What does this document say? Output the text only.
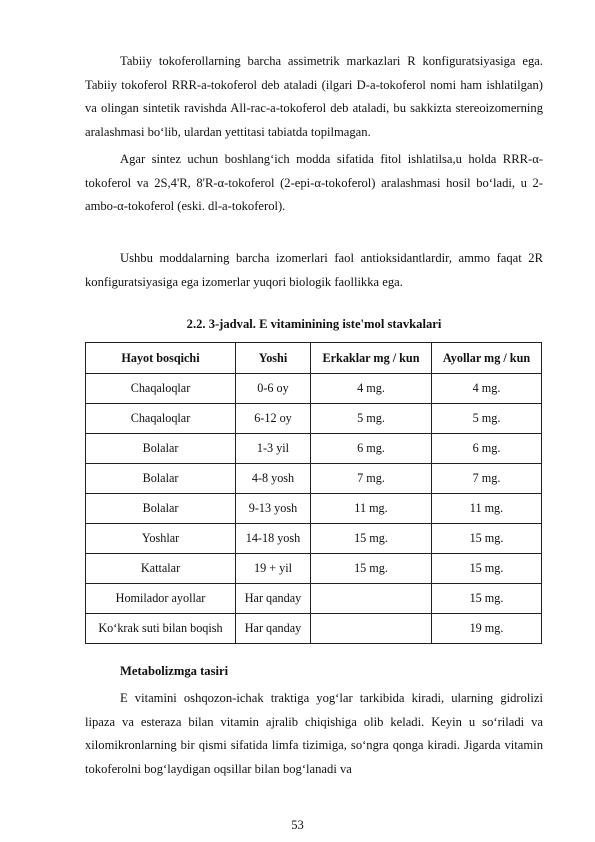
Tabiiy tokoferollarning barcha assimetrik markazlari R konfiguratsiyasiga ega. Tabiiy tokoferol RRR-a-tokoferol deb ataladi (ilgari D-a-tokoferol nomi ham ishlatilgan) va olingan sintetik ravishda All-rac-a-tokoferol deb ataladi, bu sakkizta stereoizomerning aralashmasi bo‘lib, ulardan yettitasi tabiatda topilmagan.

Agar sintez uchun boshlang‘ich modda sifatida fitol ishlatilsa,u holda RRR-α-tokoferol va 2S,4'R, 8'R-α-tokoferol (2-epi-α-tokoferol) aralashmasi hosil bo‘ladi, u 2-ambo-α-tokoferol (eski. dl-a-tokoferol).

Ushbu moddalarning barcha izomerlari faol antioksidantlardir, ammo faqat 2R konfiguratsiyasiga ega izomerlar yuqori biologik faollikka ega.

2.2. 3-jadval. E vitaminining iste'mol stavkalari
Hayot bosqichi	Yoshi	Erkaklar mg / kun	Ayollar mg / kun
Chaqaloqlar	0-6 oy	4 mg.	4 mg.
Chaqaloqlar	6-12 oy	5 mg.	5 mg.
Bolalar	1-3 yil	6 mg.	6 mg.
Bolalar	4-8 yosh	7 mg.	7 mg.
Bolalar	9-13 yosh	11 mg.	11 mg.
Yoshlar	14-18 yosh	15 mg.	15 mg.
Kattalar	19 + yil	15 mg.	15 mg.
Homilador ayollar	Har qanday		15 mg.
Ko‘krak suti bilan boqish	Har qanday		19 mg.
Metabolizmga tasiri

E vitamini oshqozon-ichak traktiga yog‘lar tarkibida kiradi, ularning gidrolizi lipaza va esteraza bilan vitamin ajralib chiqishiga olib keladi. Keyin u so‘riladi va xilomikronlarning bir qismi sifatida limfa tizimiga, so‘ngra qonga kiradi. Jigarda vitamin tokoferolni bog‘laydigan oqsillar bilan bog‘lanadi va

53
